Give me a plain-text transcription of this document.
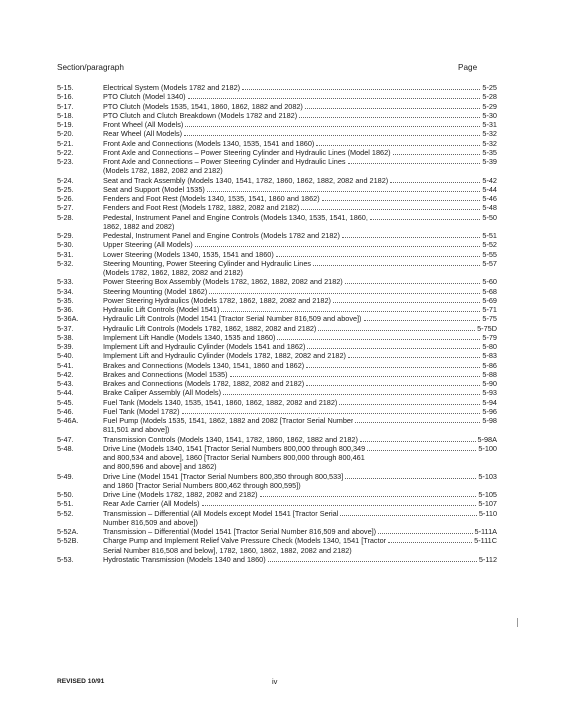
Section/paragraph	Page
5-15.	Electrical System (Models 1782 and 2182)	5-25
5-16.	PTO Clutch (Model 1340)	5-28
5-17.	PTO Clutch (Models 1535, 1541, 1860, 1862, 1882 and 2082)	5-29
5-18.	PTO Clutch and Clutch Breakdown (Models 1782 and 2182)	5-30
5-19.	Front Wheel (All Models)	5-31
5-20.	Rear Wheel (All Models)	5-32
5-21.	Front Axle and Connections (Models 1340, 1535, 1541 and 1860)	5-32
5-22.	Front Axle and Connections – Power Steering Cylinder and Hydraulic Lines (Model 1862)	5-35
5-23.	Front Axle and Connections – Power Steering Cylinder and Hydraulic Lines	5-39
(Models 1782, 1882, 2082 and 2182)
5-24.	Seat and Track Assembly (Models 1340, 1541, 1782, 1860, 1862, 1882, 2082 and 2182)	5-42
5-25.	Seat and Support (Model 1535)	5-44
5-26.	Fenders and Foot Rest (Models 1340, 1535, 1541, 1860 and 1862)	5-46
5-27.	Fenders and Foot Rest (Models 1782, 1882, 2082 and 2182)	5-48
5-28.	Pedestal, Instrument Panel and Engine Controls (Models 1340, 1535, 1541, 1860,	5-50
1862, 1882 and 2082)
5-29.	Pedestal, Instrument Panel and Engine Controls (Models 1782 and 2182)	5-51
5-30.	Upper Steering (All Models)	5-52
5-31.	Lower Steering (Models 1340, 1535, 1541 and 1860)	5-55
5-32.	Steering Mounting, Power Steering Cylinder and Hydraulic Lines	5-57
(Models 1782, 1862, 1882, 2082 and 2182)
5-33.	Power Steering Box Assembly (Models 1782, 1862, 1882, 2082 and 2182)	5-60
5-34.	Steering Mounting (Model 1862)	5-68
5-35.	Power Steering Hydraulics (Models 1782, 1862, 1882, 2082 and 2182)	5-69
5-36.	Hydraulic Lift Controls (Model 1541)	5-71
5-36A.	Hydraulic Lift Controls (Model 1541 [Tractor Serial Number 816,509 and above])	5-75
5-37.	Hydraulic Lift Controls (Models 1782, 1862, 1882, 2082 and 2182)	5-75D
5-38.	Implement Lift Handle (Models 1340, 1535 and 1860)	5-79
5-39.	Implement Lift and Hydraulic Cylinder (Models 1541 and 1862)	5-80
5-40.	Implement Lift and Hydraulic Cylinder (Models 1782, 1882, 2082 and 2182)	5-83
5-41.	Brakes and Connections (Models 1340, 1541, 1860 and 1862)	5-86
5-42.	Brakes and Connections (Model 1535)	5-88
5-43.	Brakes and Connections (Models 1782, 1882, 2082 and 2182)	5-90
5-44.	Brake Caliper Assembly (All Models)	5-93
5-45.	Fuel Tank (Models 1340, 1535, 1541, 1860, 1862, 1882, 2082 and 2182)	5-94
5-46.	Fuel Tank (Model 1782)	5-96
5-46A.	Fuel Pump (Models 1535, 1541, 1862, 1882 and 2082 [Tractor Serial Number	5-98
811,501 and above])
5-47.	Transmission Controls (Models 1340, 1541, 1782, 1860, 1862, 1882 and 2182)	5-98A
5-48.	Drive Line (Models 1340, 1541 [Tractor Serial Numbers 800,000 through 800,349	5-100
and 800,534 and above], 1860 [Tractor Serial Numbers 800,000 through 800,461
and 800,596 and above] and 1862)
5-49.	Drive Line (Model 1541 [Tractor Serial Numbers 800,350 through 800,533]	5-103
and 1860 [Tractor Serial Numbers 800,462 through 800,595])
5-50.	Drive Line (Models 1782, 1882, 2082 and 2182)	5-105
5-51.	Rear Axle Carrier (All Models)	5-107
5-52.	Transmission – Differential (All Models except Model 1541 [Tractor Serial	5-110
Number 816,509 and above])
5-52A.	Transmission – Differential (Model 1541 [Tractor Serial Number 816,509 and above])	5-111A
5-52B.	Charge Pump and Implement Relief Valve Pressure Check (Models 1340, 1541 [Tractor	5-111C
Serial Number 816,508 and below], 1782, 1860, 1862, 1882, 2082 and 2182)
5-53.	Hydrostatic Transmission (Models 1340 and 1860)	5-112
REVISED 10/91	iv
